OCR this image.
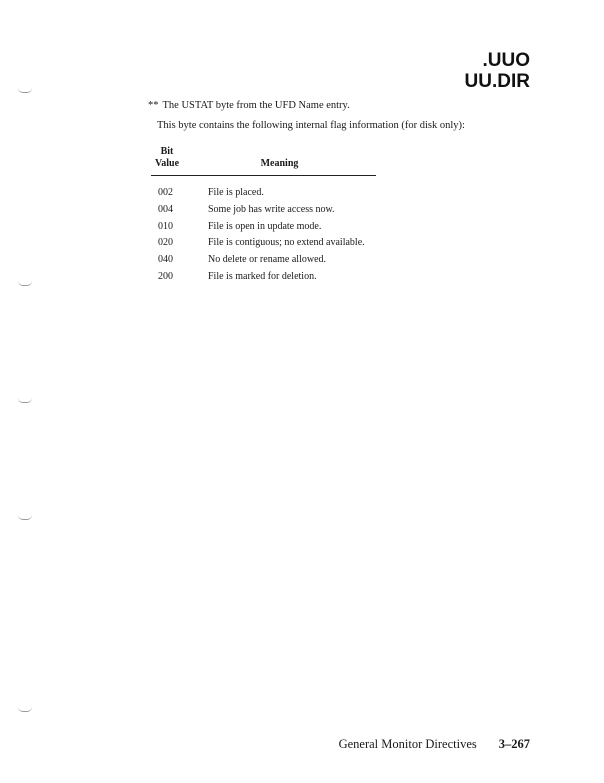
.UUO
UU.DIR
** The USTAT byte from the UFD Name entry.
This byte contains the following internal flag information (for disk only):
Bit
Value	Meaning
002	File is placed.
004	Some job has write access now.
010	File is open in update mode.
020	File is contiguous; no extend available.
040	No delete or rename allowed.
200	File is marked for deletion.
General Monitor Directives 3–267
